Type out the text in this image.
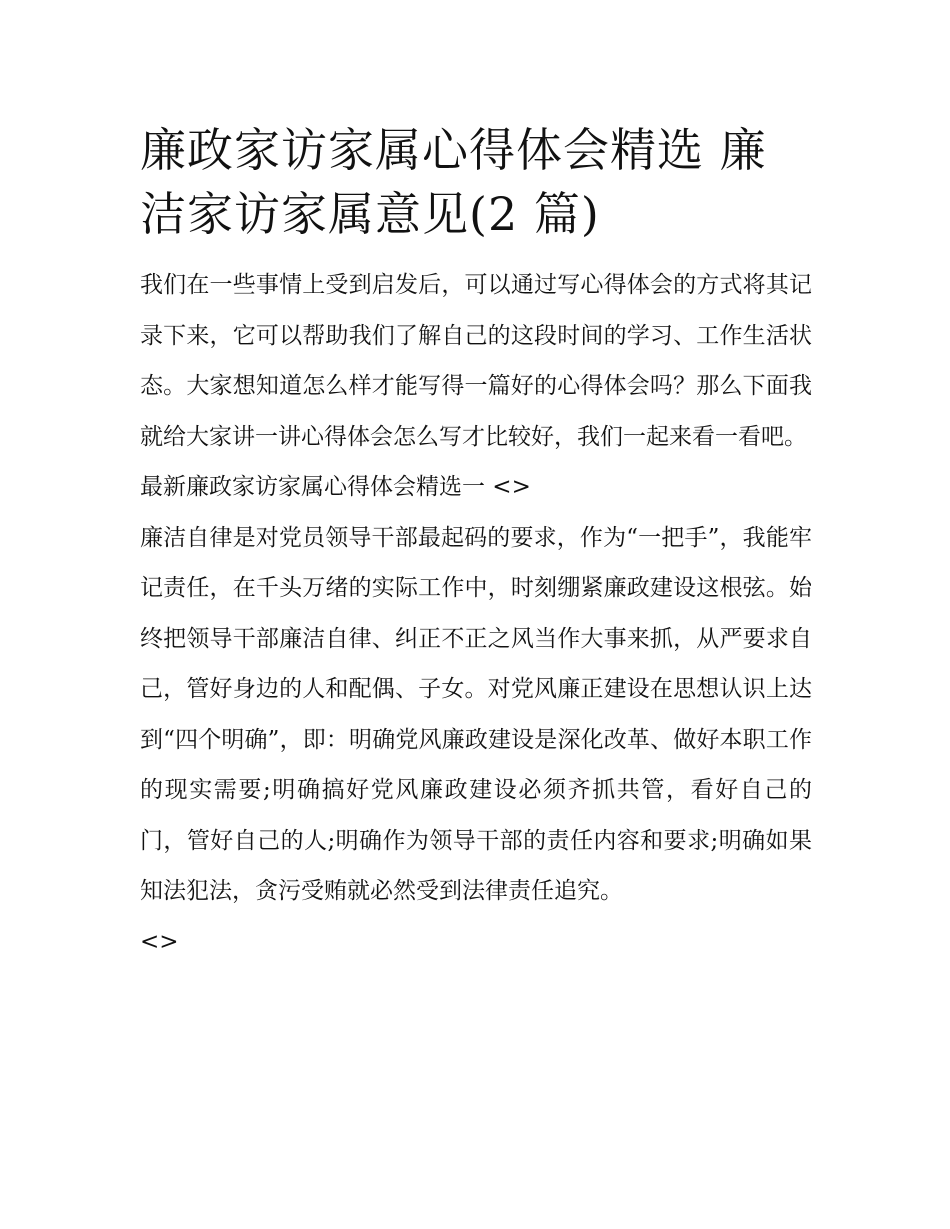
廉政家访家属心得体会精选 廉洁家访家属意见(2 篇)

我们在一些事情上受到启发后，可以通过写心得体会的方式将其记录下来，它可以帮助我们了解自己的这段时间的学习、工作生活状态。大家想知道怎么样才能写得一篇好的心得体会吗？那么下面我就给大家讲一讲心得体会怎么写才比较好，我们一起来看一看吧。

最新廉政家访家属心得体会精选一 <>

廉洁自律是对党员领导干部最起码的要求，作为“一把手”，我能牢记责任，在千头万绪的实际工作中，时刻绷紧廉政建设这根弦。始终把领导干部廉洁自律、纠正不正之风当作大事来抓，从严要求自己，管好身边的人和配偶、子女。对党风廉正建设在思想认识上达到“四个明确”，即：明确党风廉政建设是深化改革、做好本职工作的现实需要;明确搞好党风廉政建设必须齐抓共管，看好自己的门，管好自己的人;明确作为领导干部的责任内容和要求;明确如果知法犯法，贪污受贿就必然受到法律责任追究。

<>
